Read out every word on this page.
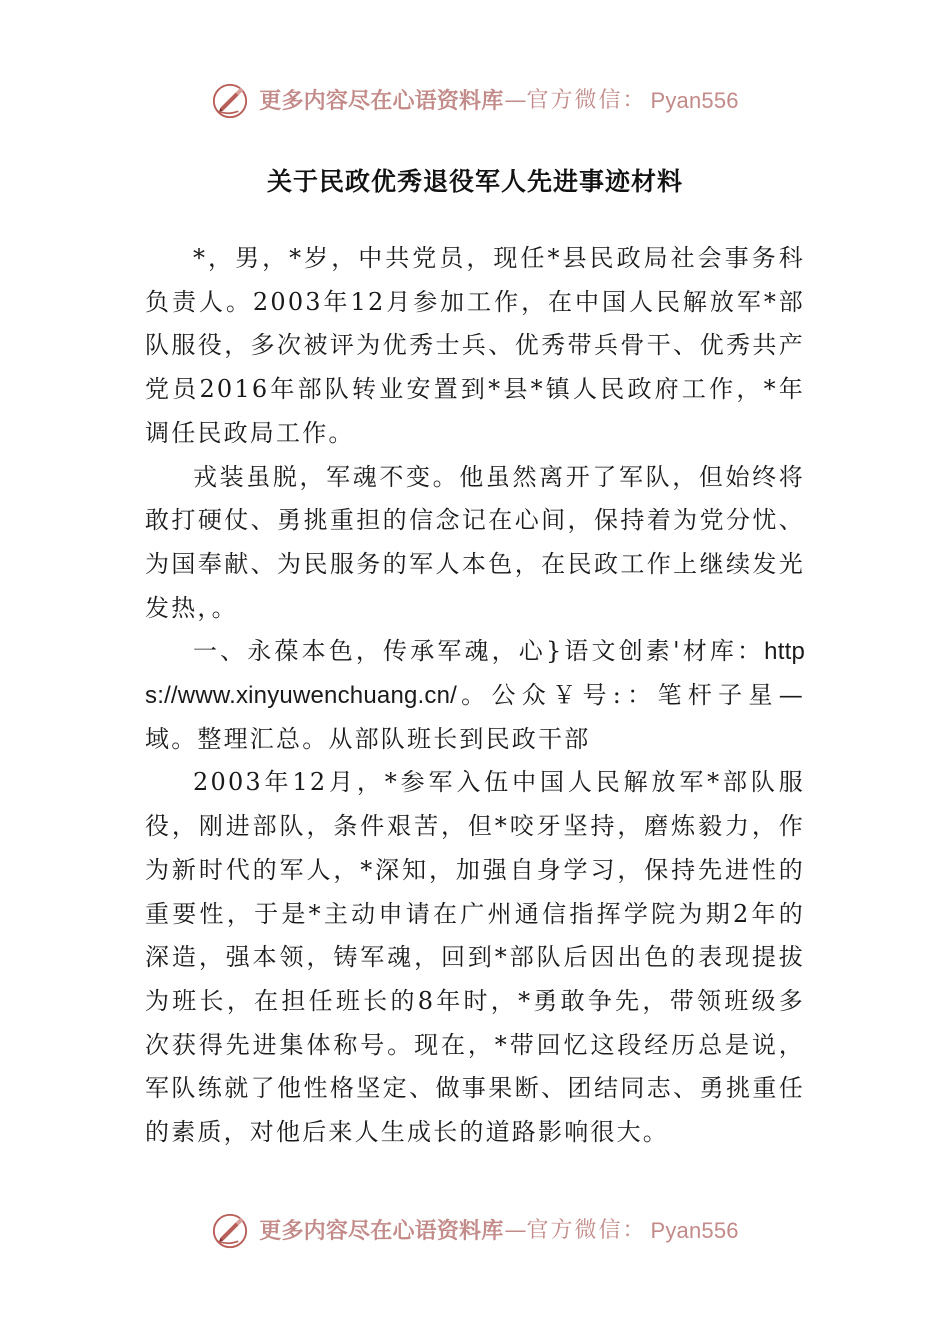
更多内容尽在心语资料库 — 官方微信： Pyan556
关于民政优秀退役军人先进事迹材料

*，男，*岁，中共党员，现任*县民政局社会事务科负责人。2003年12月参加工作，在中国人民解放军*部队服役，多次被评为优秀士兵、优秀带兵骨干、优秀共产党员2016年部队转业安置到*县*镇人民政府工作，*年调任民政局工作。

戎装虽脱，军魂不变。他虽然离开了军队，但始终将敢打硬仗、勇挑重担的信念记在心间，保持着为党分忧、为国奉献、为民服务的军人本色，在民政工作上继续发光发热，。

一、永葆本色，传承军魂，心}语文创素'材库：https://www.xinyuwenchuang.cn/。公众￥号:：笔杆子星—域。整理汇总。从部队班长到民政干部

2003年12月，*参军入伍中国人民解放军*部队服役，刚进部队，条件艰苦，但*咬牙坚持，磨炼毅力，作为新时代的军人，*深知，加强自身学习，保持先进性的重要性，于是*主动申请在广州通信指挥学院为期2年的深造，强本领，铸军魂，回到*部队后因出色的表现提拔为班长，在担任班长的8年时，*勇敢争先，带领班级多次获得先进集体称号。现在，*带回忆这段经历总是说，军队练就了他性格坚定、做事果断、团结同志、勇挑重任的素质，对他后来人生成长的道路影响很大。

更多内容尽在心语资料库 — 官方微信： Pyan556
